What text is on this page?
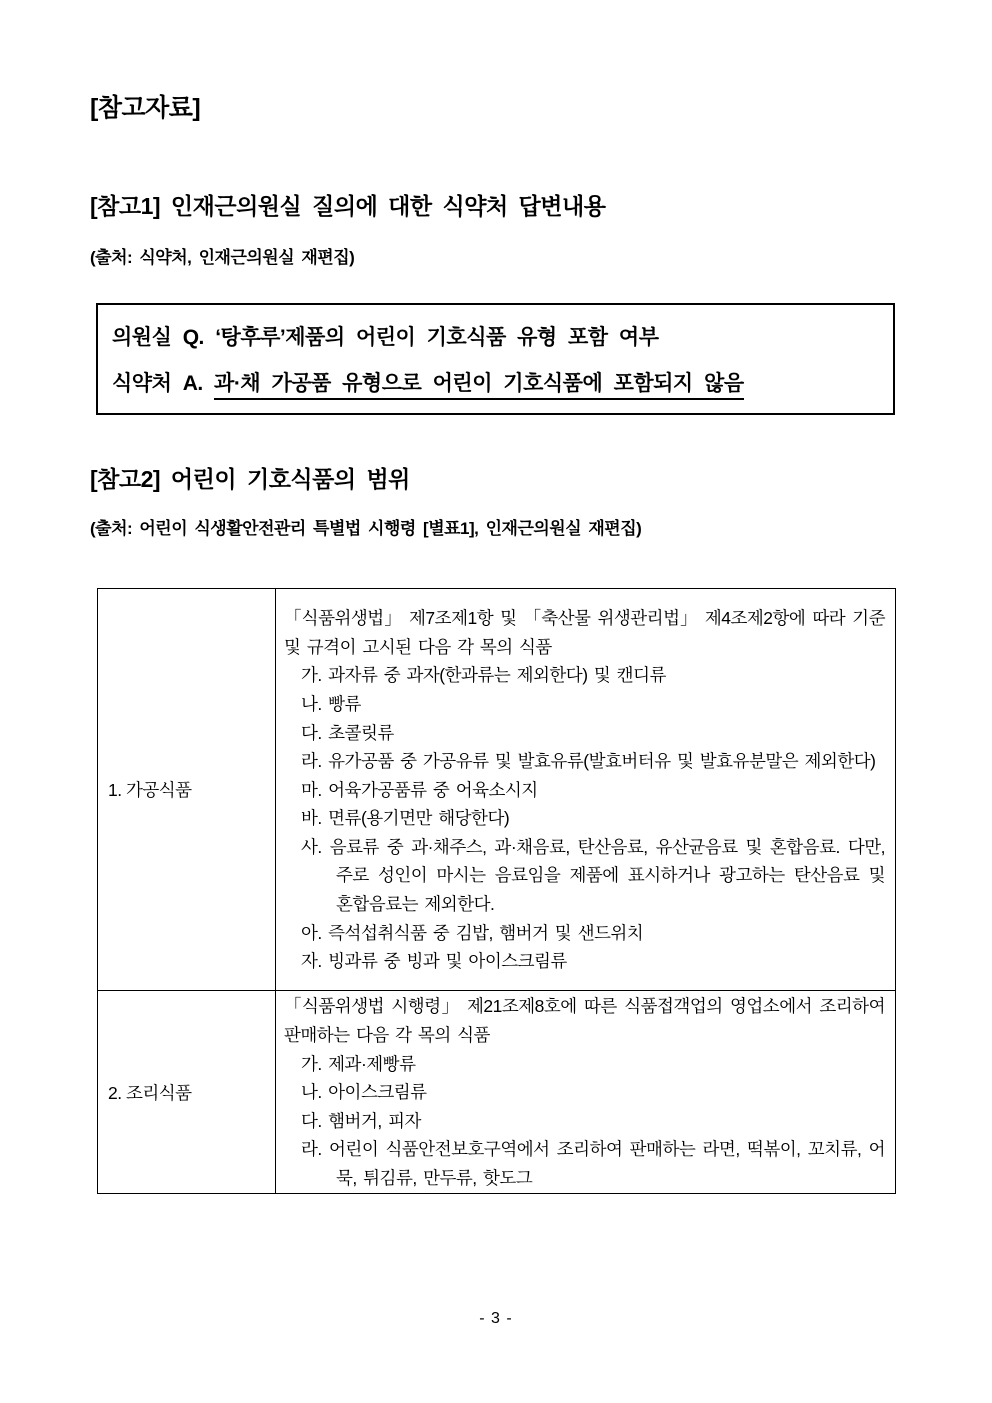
[참고자료]
[참고1] 인재근의원실 질의에 대한 식약처 답변내용
(출처: 식약처, 인재근의원실 재편집)
의원실 Q. ‘탕후루’제품의 어린이 기호식품 유형 포함 여부
식약처 A. 과·채 가공품 유형으로 어린이 기호식품에 포함되지 않음
[참고2] 어린이 기호식품의 범위
(출처: 어린이 식생활안전관리 특별법 시행령 [별표1], 인재근의원실 재편집)
1. 가공식품	
「식품위생법」 제7조제1항 및 「축산물 위생관리법」 제4조제2항에 따라 기준 및 규격이 고시된 다음 각 목의 식품
가. 과자류 중 과자(한과류는 제외한다) 및 캔디류
나. 빵류
다. 초콜릿류
라. 유가공품 중 가공유류 및 발효유류(발효버터유 및 발효유분말은 제외한다)
마. 어육가공품류 중 어육소시지
바. 면류(용기면만 해당한다)
사. 음료류 중 과·채주스, 과·채음료, 탄산음료, 유산균음료 및 혼합음료. 다만, 주로 성인이 마시는 음료임을 제품에 표시하거나 광고하는 탄산음료 및 혼합음료는 제외한다.
아. 즉석섭취식품 중 김밥, 햄버거 및 샌드위치
자. 빙과류 중 빙과 및 아이스크림류

2. 조리식품	
「식품위생법 시행령」 제21조제8호에 따른 식품접객업의 영업소에서 조리하여 판매하는 다음 각 목의 식품
가. 제과·제빵류
나. 아이스크림류
다. 햄버거, 피자
라. 어린이 식품안전보호구역에서 조리하여 판매하는 라면, 떡볶이, 꼬치류, 어묵, 튀김류, 만두류, 핫도그
- 3 -
